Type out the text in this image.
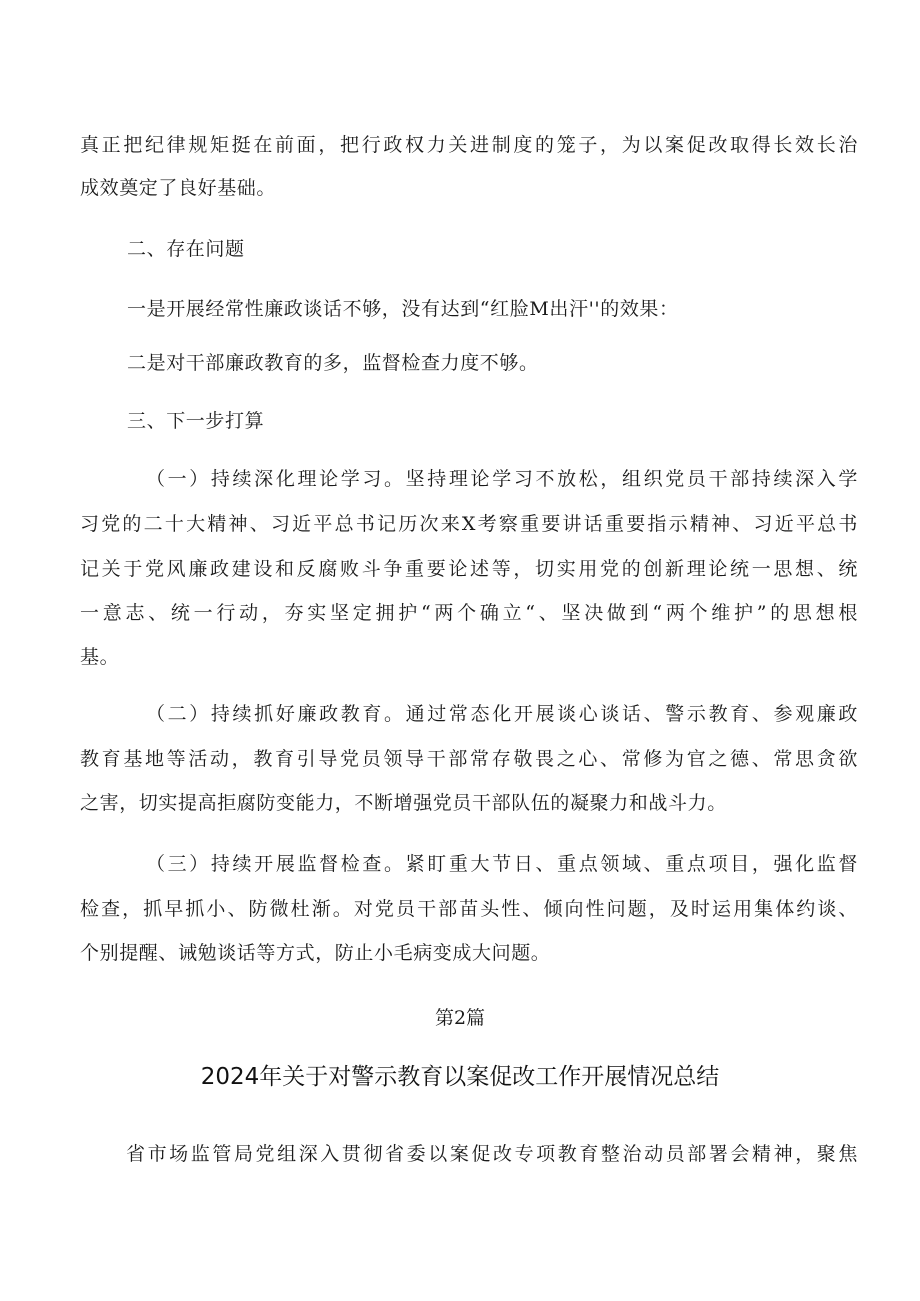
真正把纪律规矩挺在前面，把行政权力关进制度的笼子，为以案促改取得长效长治
成效奠定了良好基础。
二、存在问题
一是开展经常性廉政谈话不够，没有达到“红脸M出汗''的效果：
二是对干部廉政教育的多，监督检查力度不够。
三、下一步打算
（一）持续深化理论学习。坚持理论学习不放松，组织党员干部持续深入学
习党的二十大精神、习近平总书记历次来X考察重要讲话重要指示精神、习近平总书
记关于党风廉政建设和反腐败斗争重要论述等，切实用党的创新理论统一思想、统
一意志、统一行动，夯实坚定拥护“两个确立“、坚决做到“两个维护”的思想根
基。
（二）持续抓好廉政教育。通过常态化开展谈心谈话、警示教育、参观廉政
教育基地等活动，教育引导党员领导干部常存敬畏之心、常修为官之德、常思贪欲
之害，切实提高拒腐防变能力，不断增强党员干部队伍的凝聚力和战斗力。
（三）持续开展监督检查。紧盯重大节日、重点领域、重点项目，强化监督
检查，抓早抓小、防微杜渐。对党员干部苗头性、倾向性问题，及时运用集体约谈、
个别提醒、诫勉谈话等方式，防止小毛病变成大问题。
第2篇
2024年关于对警示教育以案促改工作开展情况总结
省市场监管局党组深入贯彻省委以案促改专项教育整治动员部署会精神，聚焦
